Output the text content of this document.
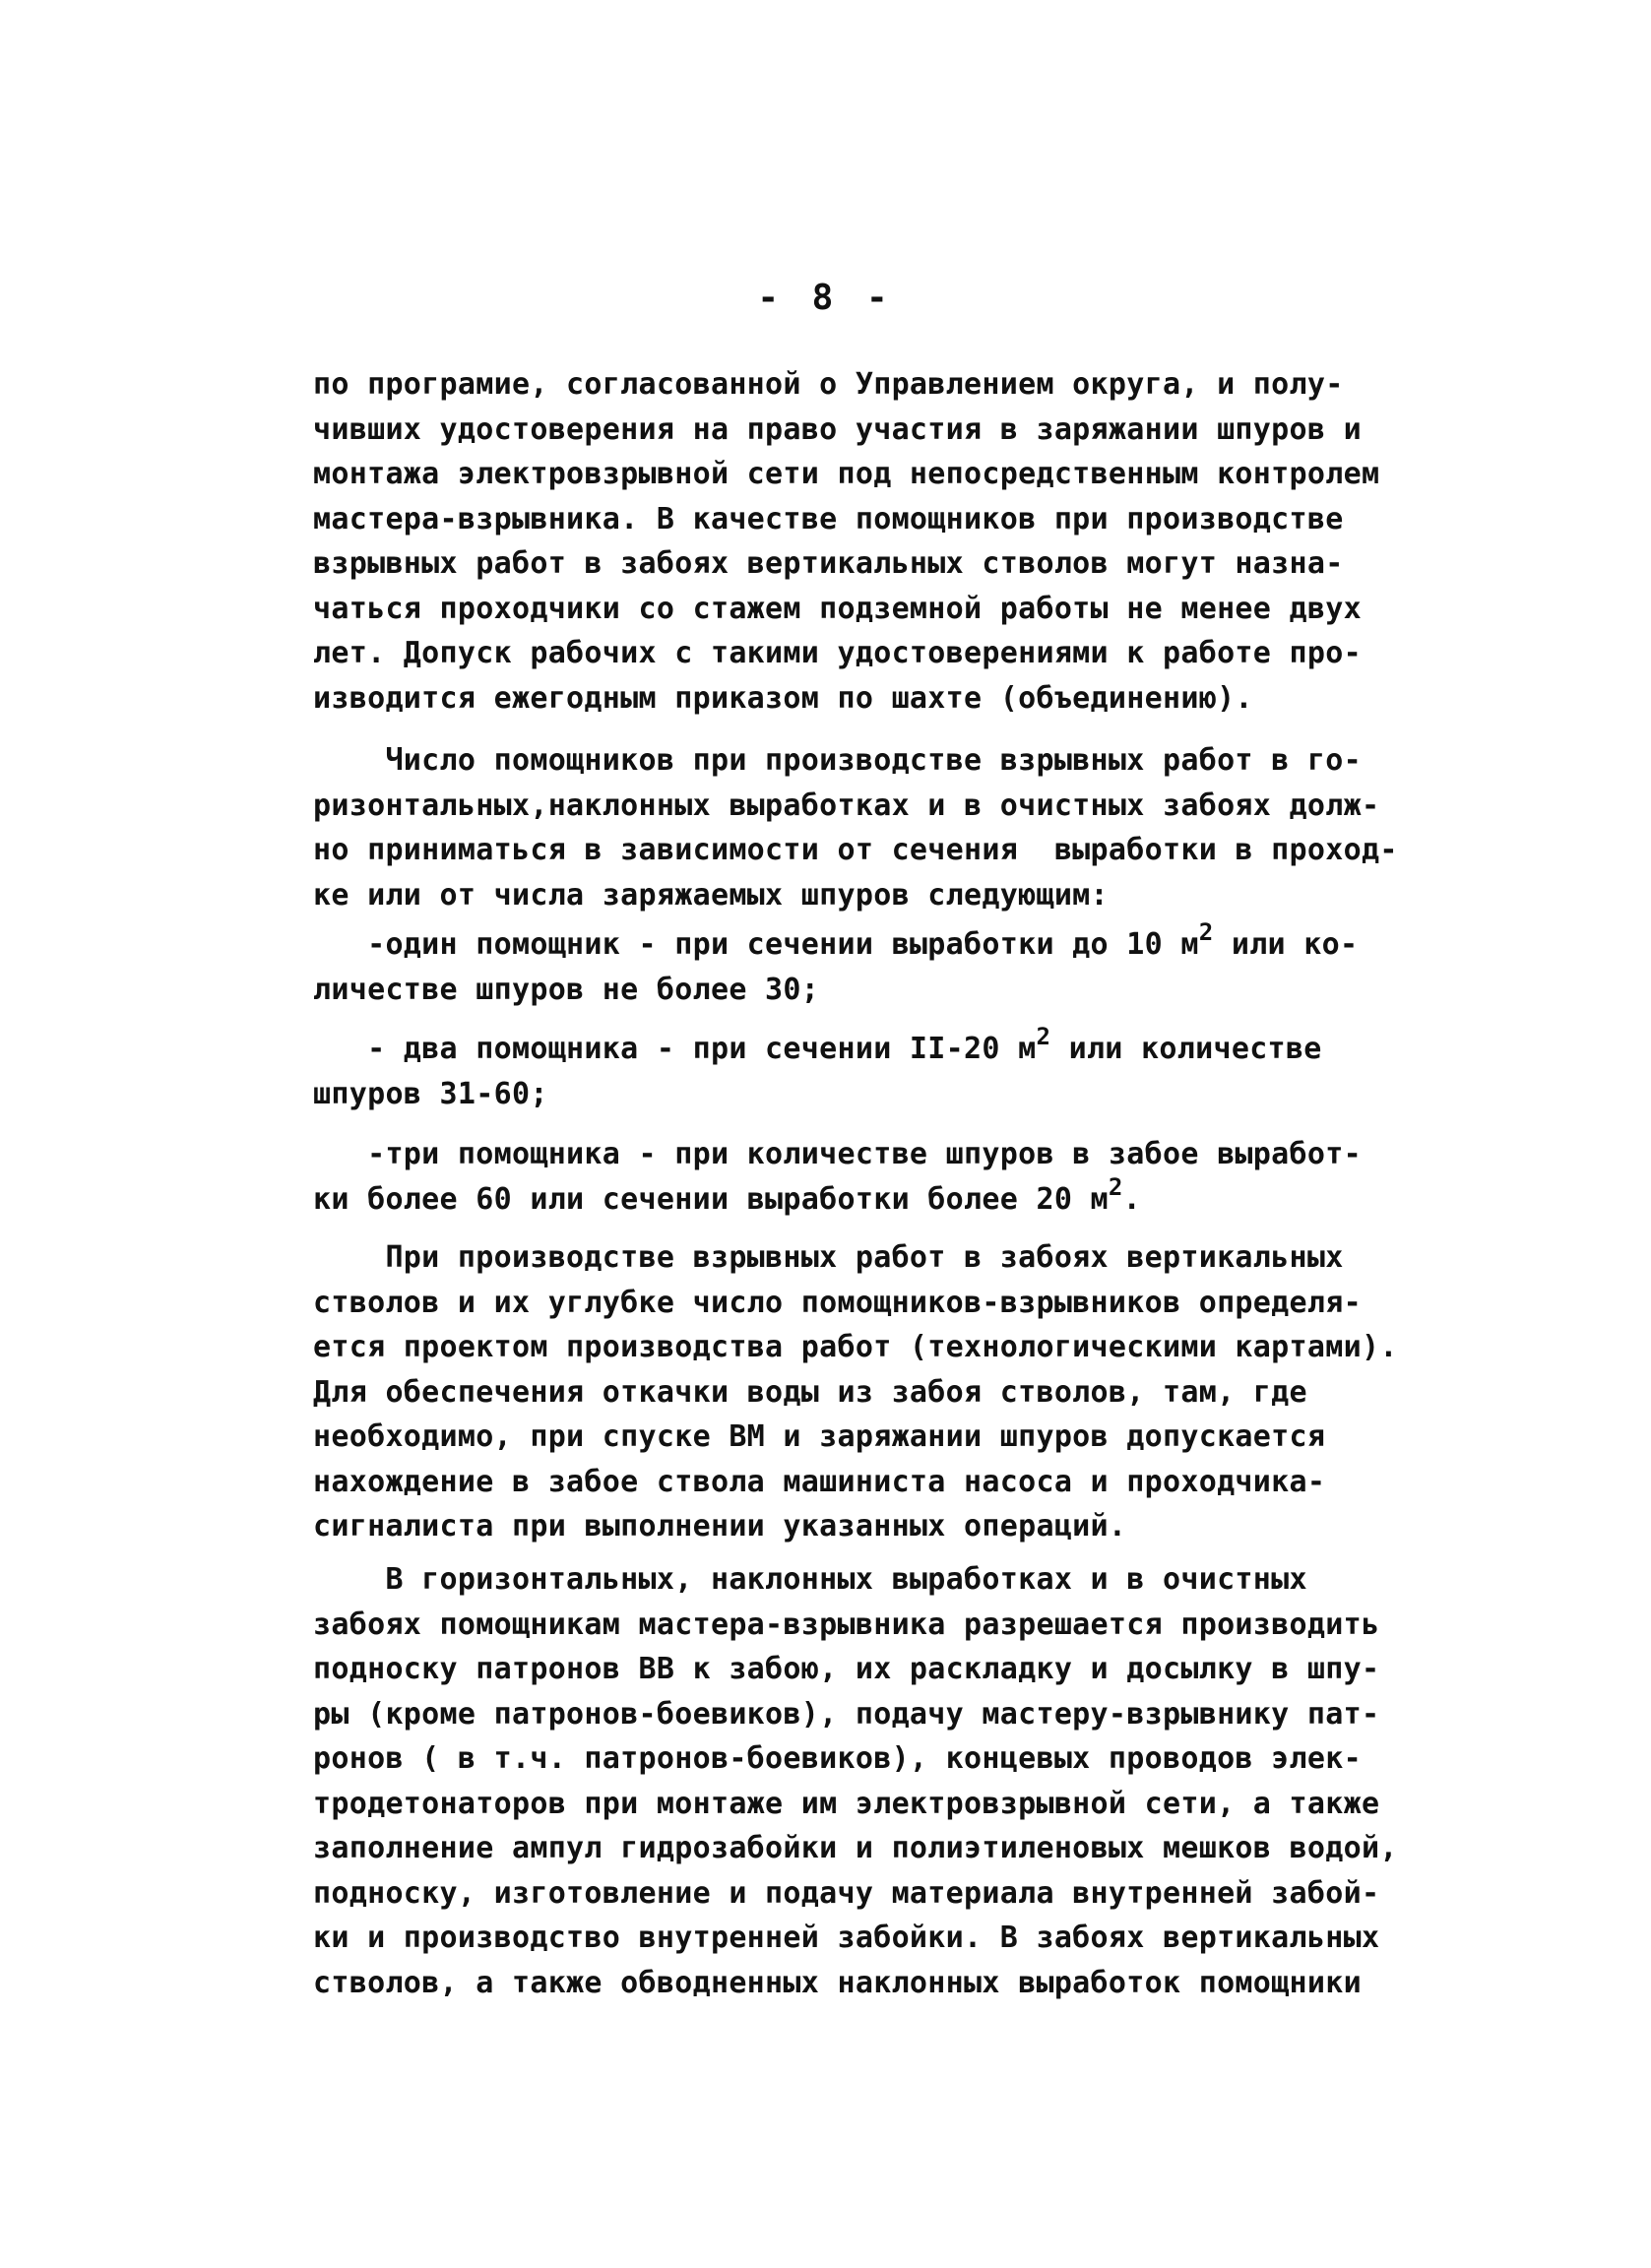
- 8 -
по програмие, согласованной о Управлением округа, и полу-
чивших удостоверения на право участия в заряжании шпуров и
монтажа электровзрывной сети под непосредственным контролем
мастера-взрывника. В качестве помощников при производстве
взрывных работ в забоях вертикальных стволов могут назна-
чаться проходчики со стажем подземной работы не менее двух
лет. Допуск рабочих с такими удостоверениями к работе про-
изводится ежегодным приказом по шахте (объединению).
Число помощников при производстве взрывных работ в го-
ризонтальных,наклонных выработках и в очистных забоях долж-
но приниматься в зависимости от сечения  выработки в проход-
ке или от числа заряжаемых шпуров следующим:
-один помощник - при сечении выработки до 10 $м^2$ или ко-
личестве шпуров не более 30;
- два помощника - при сечении II-20 $м^2$ или количестве
шпуров 31-60;
-три помощника - при количестве шпуров в забое выработ-
ки более 60 или сечении выработки более 20 $м^2$.
При производстве взрывных работ в забоях вертикальных
стволов и их углубке число помощников-взрывников определя-
ется проектом производства работ (технологическими картами).
Для обеспечения откачки воды из забоя стволов, там, где
необходимо, при спуске ВМ и заряжании шпуров допускается
нахождение в забое ствола машиниста насоса и проходчика-
сигналиста при выполнении указанных операций.
В горизонтальных, наклонных выработках и в очистных
забоях помощникам мастера-взрывника разрешается производить
подноску патронов ВВ к забою, их раскладку и досылку в шпу-
ры (кроме патронов-боевиков), подачу мастеру-взрывнику пат-
ронов ( в т.ч. патронов-боевиков), концевых проводов элек-
тродетонаторов при монтаже им электровзрывной сети, а также
заполнение ампул гидрозабойки и полиэтиленовых мешков водой,
подноску, изготовление и подачу материала внутренней забой-
ки и производство внутренней забойки. В забоях вертикальных
стволов, а также обводненных наклонных выработок помощники
